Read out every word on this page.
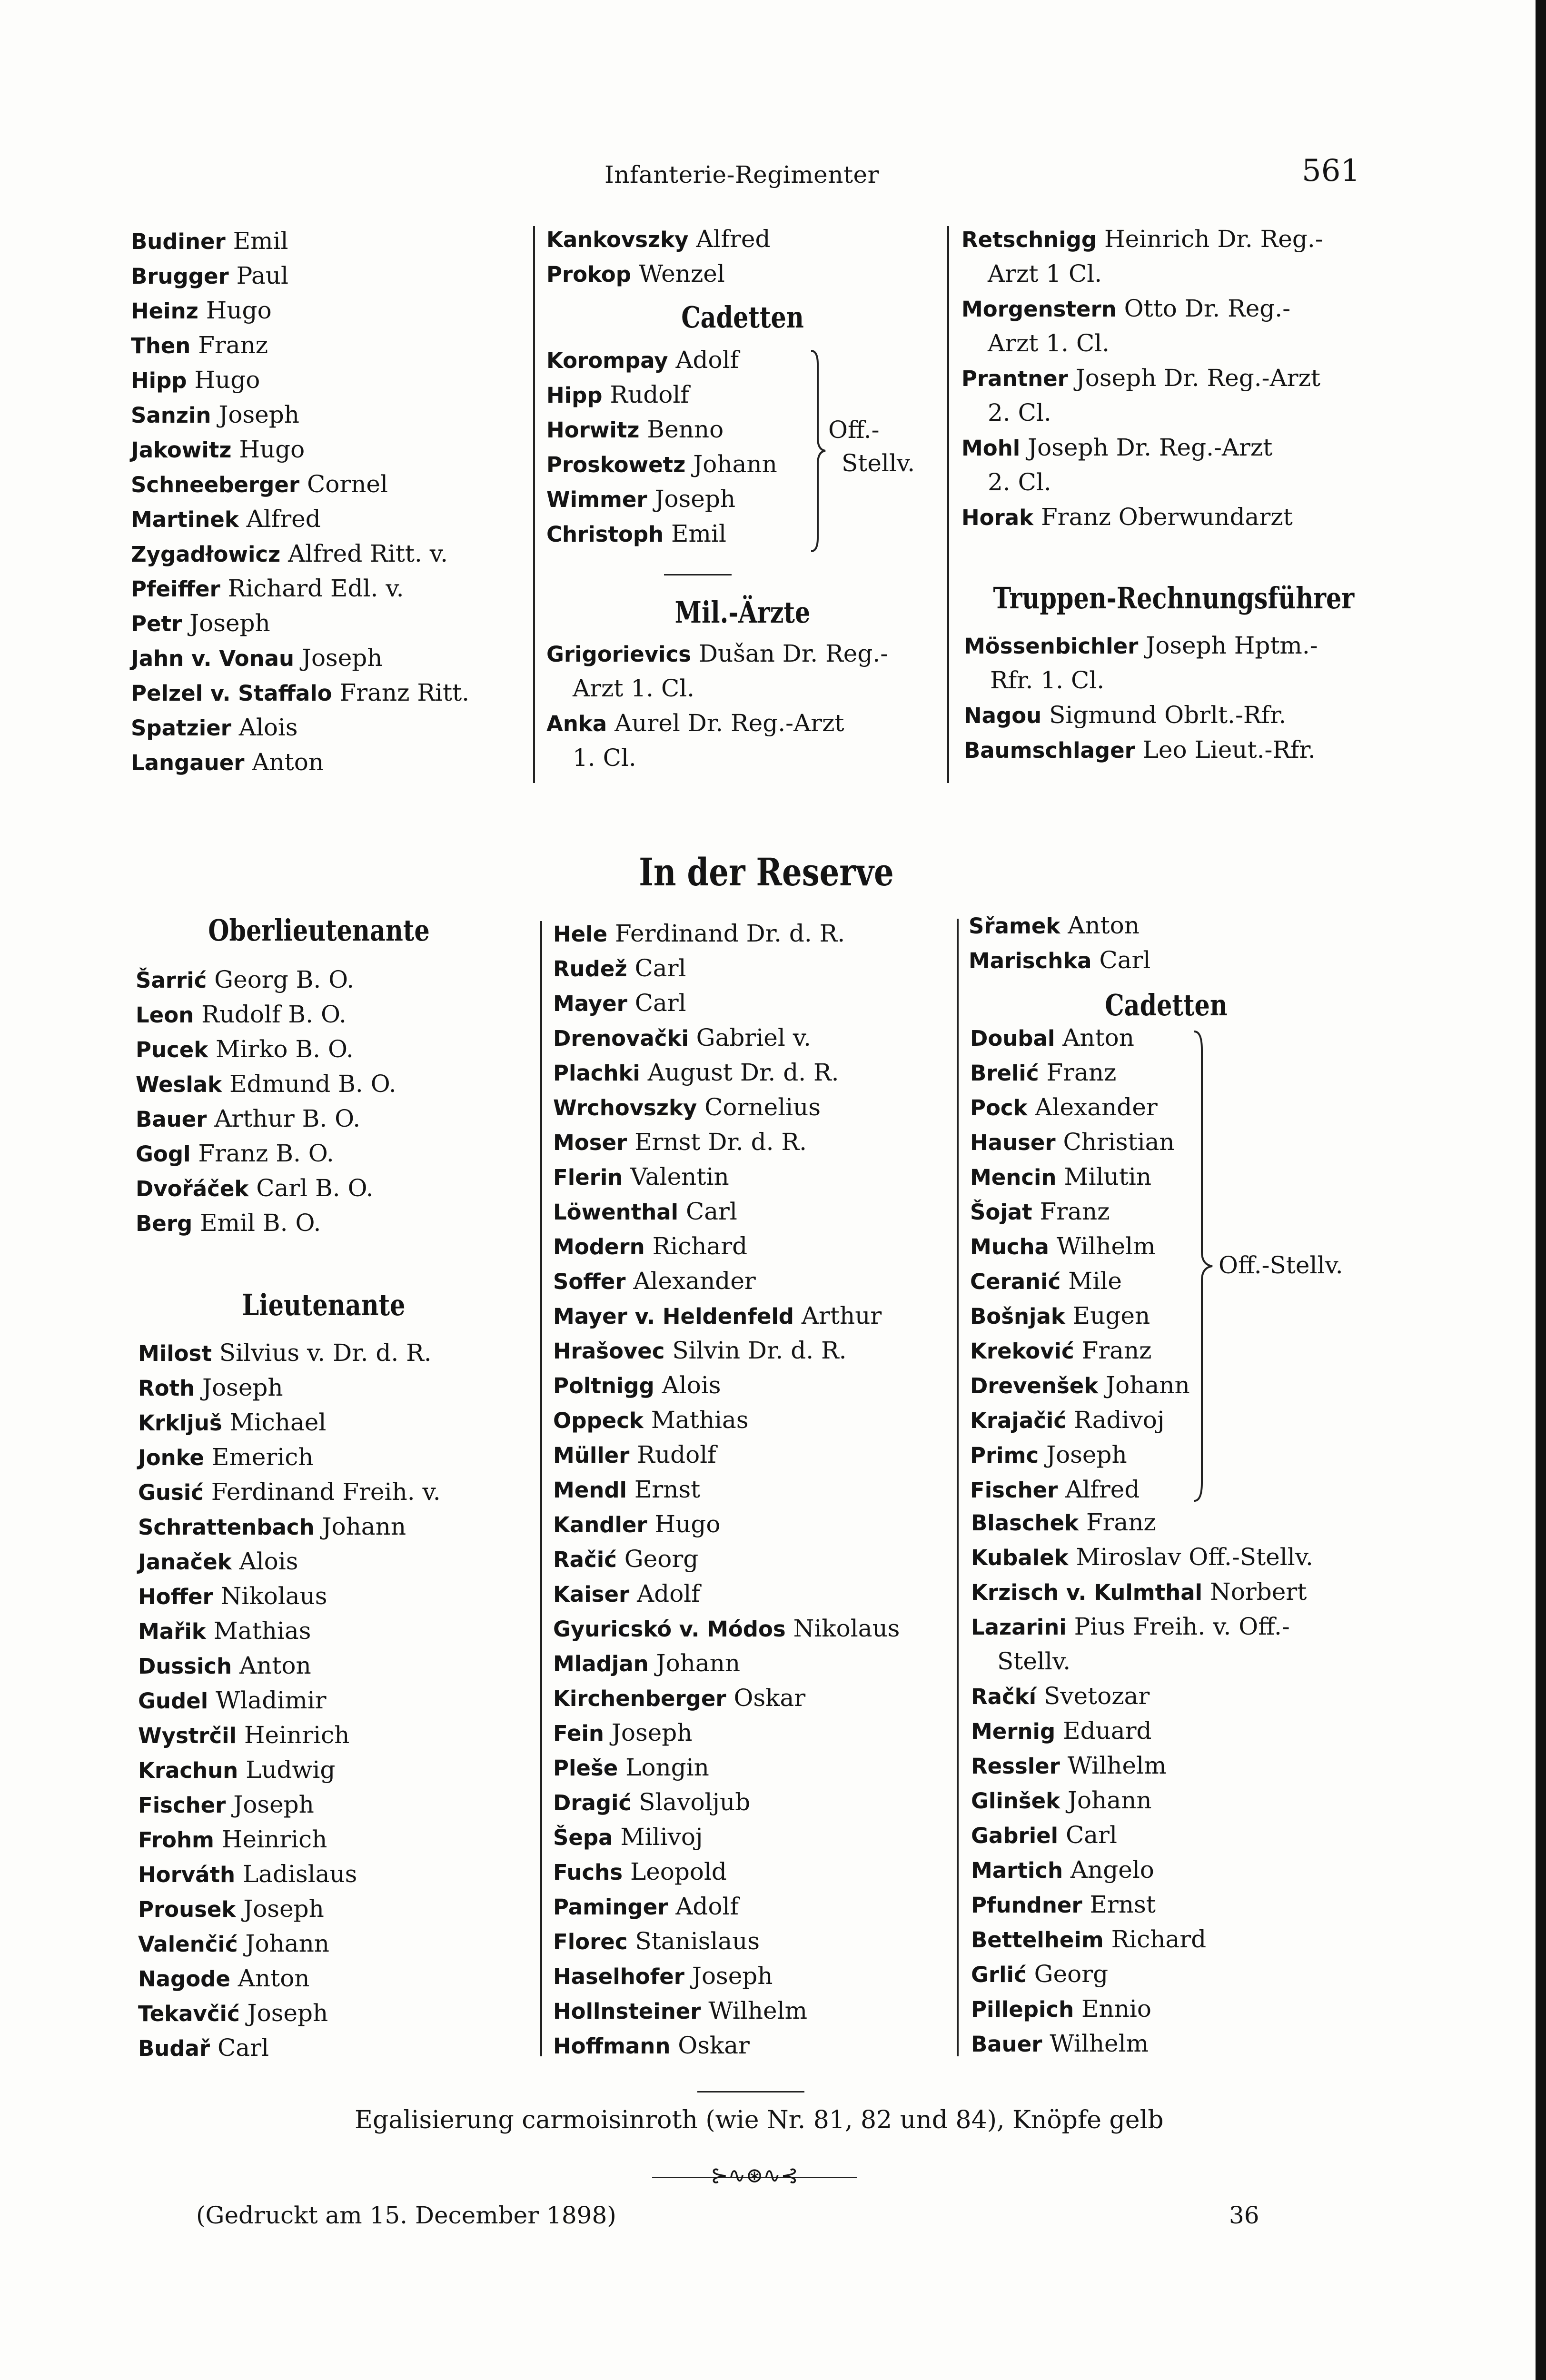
Infanterie-Regimenter	561
Budiner Emil
Brugger Paul
Heinz Hugo
Then Franz
Hipp Hugo
Sanzin Joseph
Jakowitz Hugo
Schneeberger Cornel
Martinek Alfred
Zygadłowicz Alfred Ritt. v.
Pfeiffer Richard Edl. v.
Petr Joseph
Jahn v. Vonau Joseph
Pelzel v. Staffalo Franz Ritt.
Spatzier Alois
Langauer Anton
Kankovszky Alfred
Prokop Wenzel
Cadetten
Korompay Adolf
Hipp Rudolf
Horwitz Benno
Proskowetz Johann
Wimmer Joseph
Christoph Emil
Off.-
Stellv.
Mil.-Ärzte
Grigorievics Dušan Dr. Reg.-
Arzt 1. Cl.
Anka Aurel Dr. Reg.-Arzt
1. Cl.
Retschnigg Heinrich Dr. Reg.-
Arzt 1 Cl.
Morgenstern Otto Dr. Reg.-
Arzt 1. Cl.
Prantner Joseph Dr. Reg.-Arzt
2. Cl.
Mohl Joseph Dr. Reg.-Arzt
2. Cl.
Horak Franz Oberwundarzt
Truppen-Rechnungsführer
Mössenbichler Joseph Hptm.-
Rfr. 1. Cl.
Nagou Sigmund Obrlt.-Rfr.
Baumschlager Leo Lieut.-Rfr.
In der Reserve
Oberlieutenante
Šarrić Georg B. O.
Leon Rudolf B. O.
Pucek Mirko B. O.
Weslak Edmund B. O.
Bauer Arthur B. O.
Gogl Franz B. O.
Dvořáček Carl B. O.
Berg Emil B. O.
Lieutenante
Milost Silvius v. Dr. d. R.
Roth Joseph
Krkljuš Michael
Jonke Emerich
Gusić Ferdinand Freih. v.
Schrattenbach Johann
Janaček Alois
Hoffer Nikolaus
Mařik Mathias
Dussich Anton
Gudel Wladimir
Wystrčil Heinrich
Krachun Ludwig
Fischer Joseph
Frohm Heinrich
Horváth Ladislaus
Prousek Joseph
Valenčić Johann
Nagode Anton
Tekavčić Joseph
Budař Carl
Hele Ferdinand Dr. d. R.
Rudež Carl
Mayer Carl
Drenovački Gabriel v.
Plachki August Dr. d. R.
Wrchovszky Cornelius
Moser Ernst Dr. d. R.
Flerin Valentin
Löwenthal Carl
Modern Richard
Soffer Alexander
Mayer v. Heldenfeld Arthur
Hrašovec Silvin Dr. d. R.
Poltnigg Alois
Oppeck Mathias
Müller Rudolf
Mendl Ernst
Kandler Hugo
Račić Georg
Kaiser Adolf
Gyuricskó v. Módos Nikolaus
Mladjan Johann
Kirchenberger Oskar
Fein Joseph
Pleše Longin
Dragić Slavoljub
Šepa Milivoj
Fuchs Leopold
Paminger Adolf
Florec Stanislaus
Haselhofer Joseph
Hollnsteiner Wilhelm
Hoffmann Oskar
Sřamek Anton
Marischka Carl
Cadetten
Doubal Anton
Brelić Franz
Pock Alexander
Hauser Christian
Mencin Milutin
Šojat Franz
Mucha Wilhelm
Ceranić Mile
Bošnjak Eugen
Kreković Franz
Drevenšek Johann
Krajačić Radivoj
Primc Joseph
Fischer Alfred
Off.-Stellv.
Blaschek Franz
Kubalek Miroslav Off.-Stellv.
Krzisch v. Kulmthal Norbert
Lazarini Pius Freih. v. Off.-
Stellv.
Račkí Svetozar
Mernig Eduard
Ressler Wilhelm
Glinšek Johann
Gabriel Carl
Martich Angelo
Pfundner Ernst
Bettelheim Richard
Grlić Georg
Pillepich Ennio
Bauer Wilhelm
Egalisierung carmoisinroth (wie Nr. 81, 82 und 84), Knöpfe gelb
⊱∿⊛∿⊰
(Gedruckt am 15. December 1898)	36
